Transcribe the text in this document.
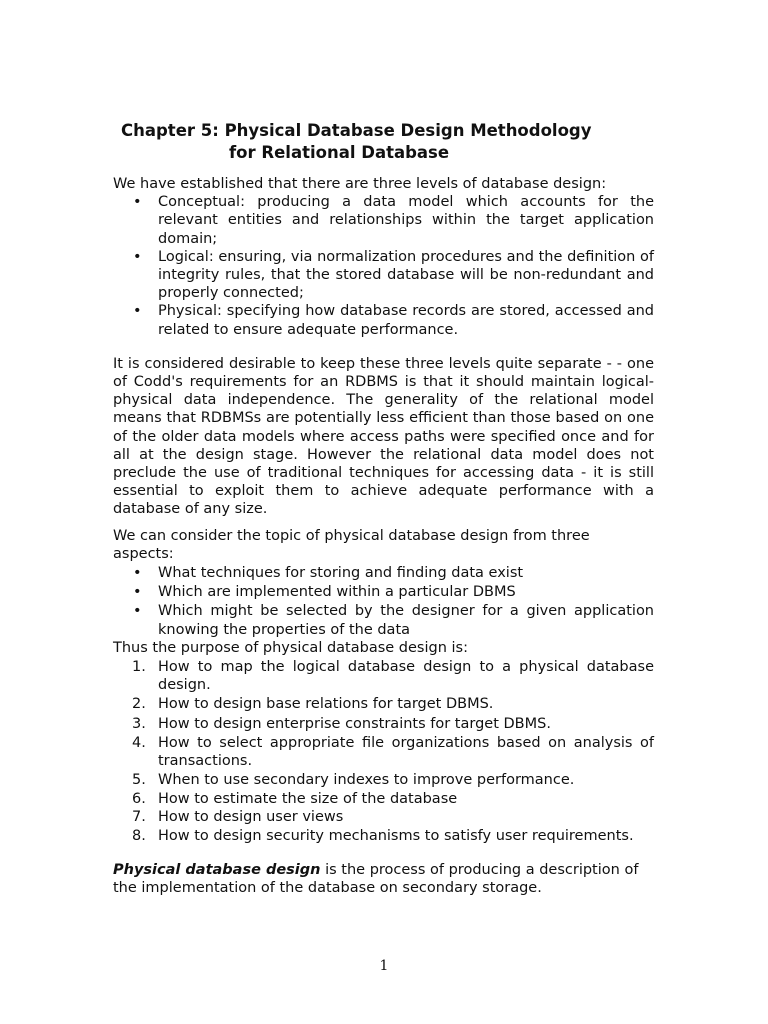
Chapter 5: Physical Database Design Methodology
for Relational Database

We have established that there are three levels of database design:

• Conceptual: producing a data model which accounts for the relevant entities and relationships within the target application domain;
• Logical: ensuring, via normalization procedures and the definition of integrity rules, that the stored database will be non-redundant and properly connected;
• Physical: specifying how database records are stored, accessed and related to ensure adequate performance.

It is considered desirable to keep these three levels quite separate - - one of Codd's requirements for an RDBMS is that it should maintain logical- physical data independence. The generality of the relational model means that RDBMSs are potentially less efficient than those based on one of the older data models where access paths were specified once and for all at the design stage. However the relational data model does not preclude the use of traditional techniques for accessing data - it is still essential to exploit them to achieve adequate performance with a database of any size.

We can consider the topic of physical database design from three aspects:

• What techniques for storing and finding data exist
• Which are implemented within a particular DBMS
• Which might be selected by the designer for a given application knowing the properties of the data

Thus the purpose of physical database design is:

1. How to map the logical database design to a physical database design.
2. How to design base relations for target DBMS.
3. How to design enterprise constraints for target DBMS.
4. How to select appropriate file organizations based on analysis of transactions.
5. When to use secondary indexes to improve performance.
6. How to estimate the size of the database
7. How to design user views
8. How to design security mechanisms to satisfy user requirements.

Physical database design is the process of producing a description of the implementation of the database on secondary storage.

1
